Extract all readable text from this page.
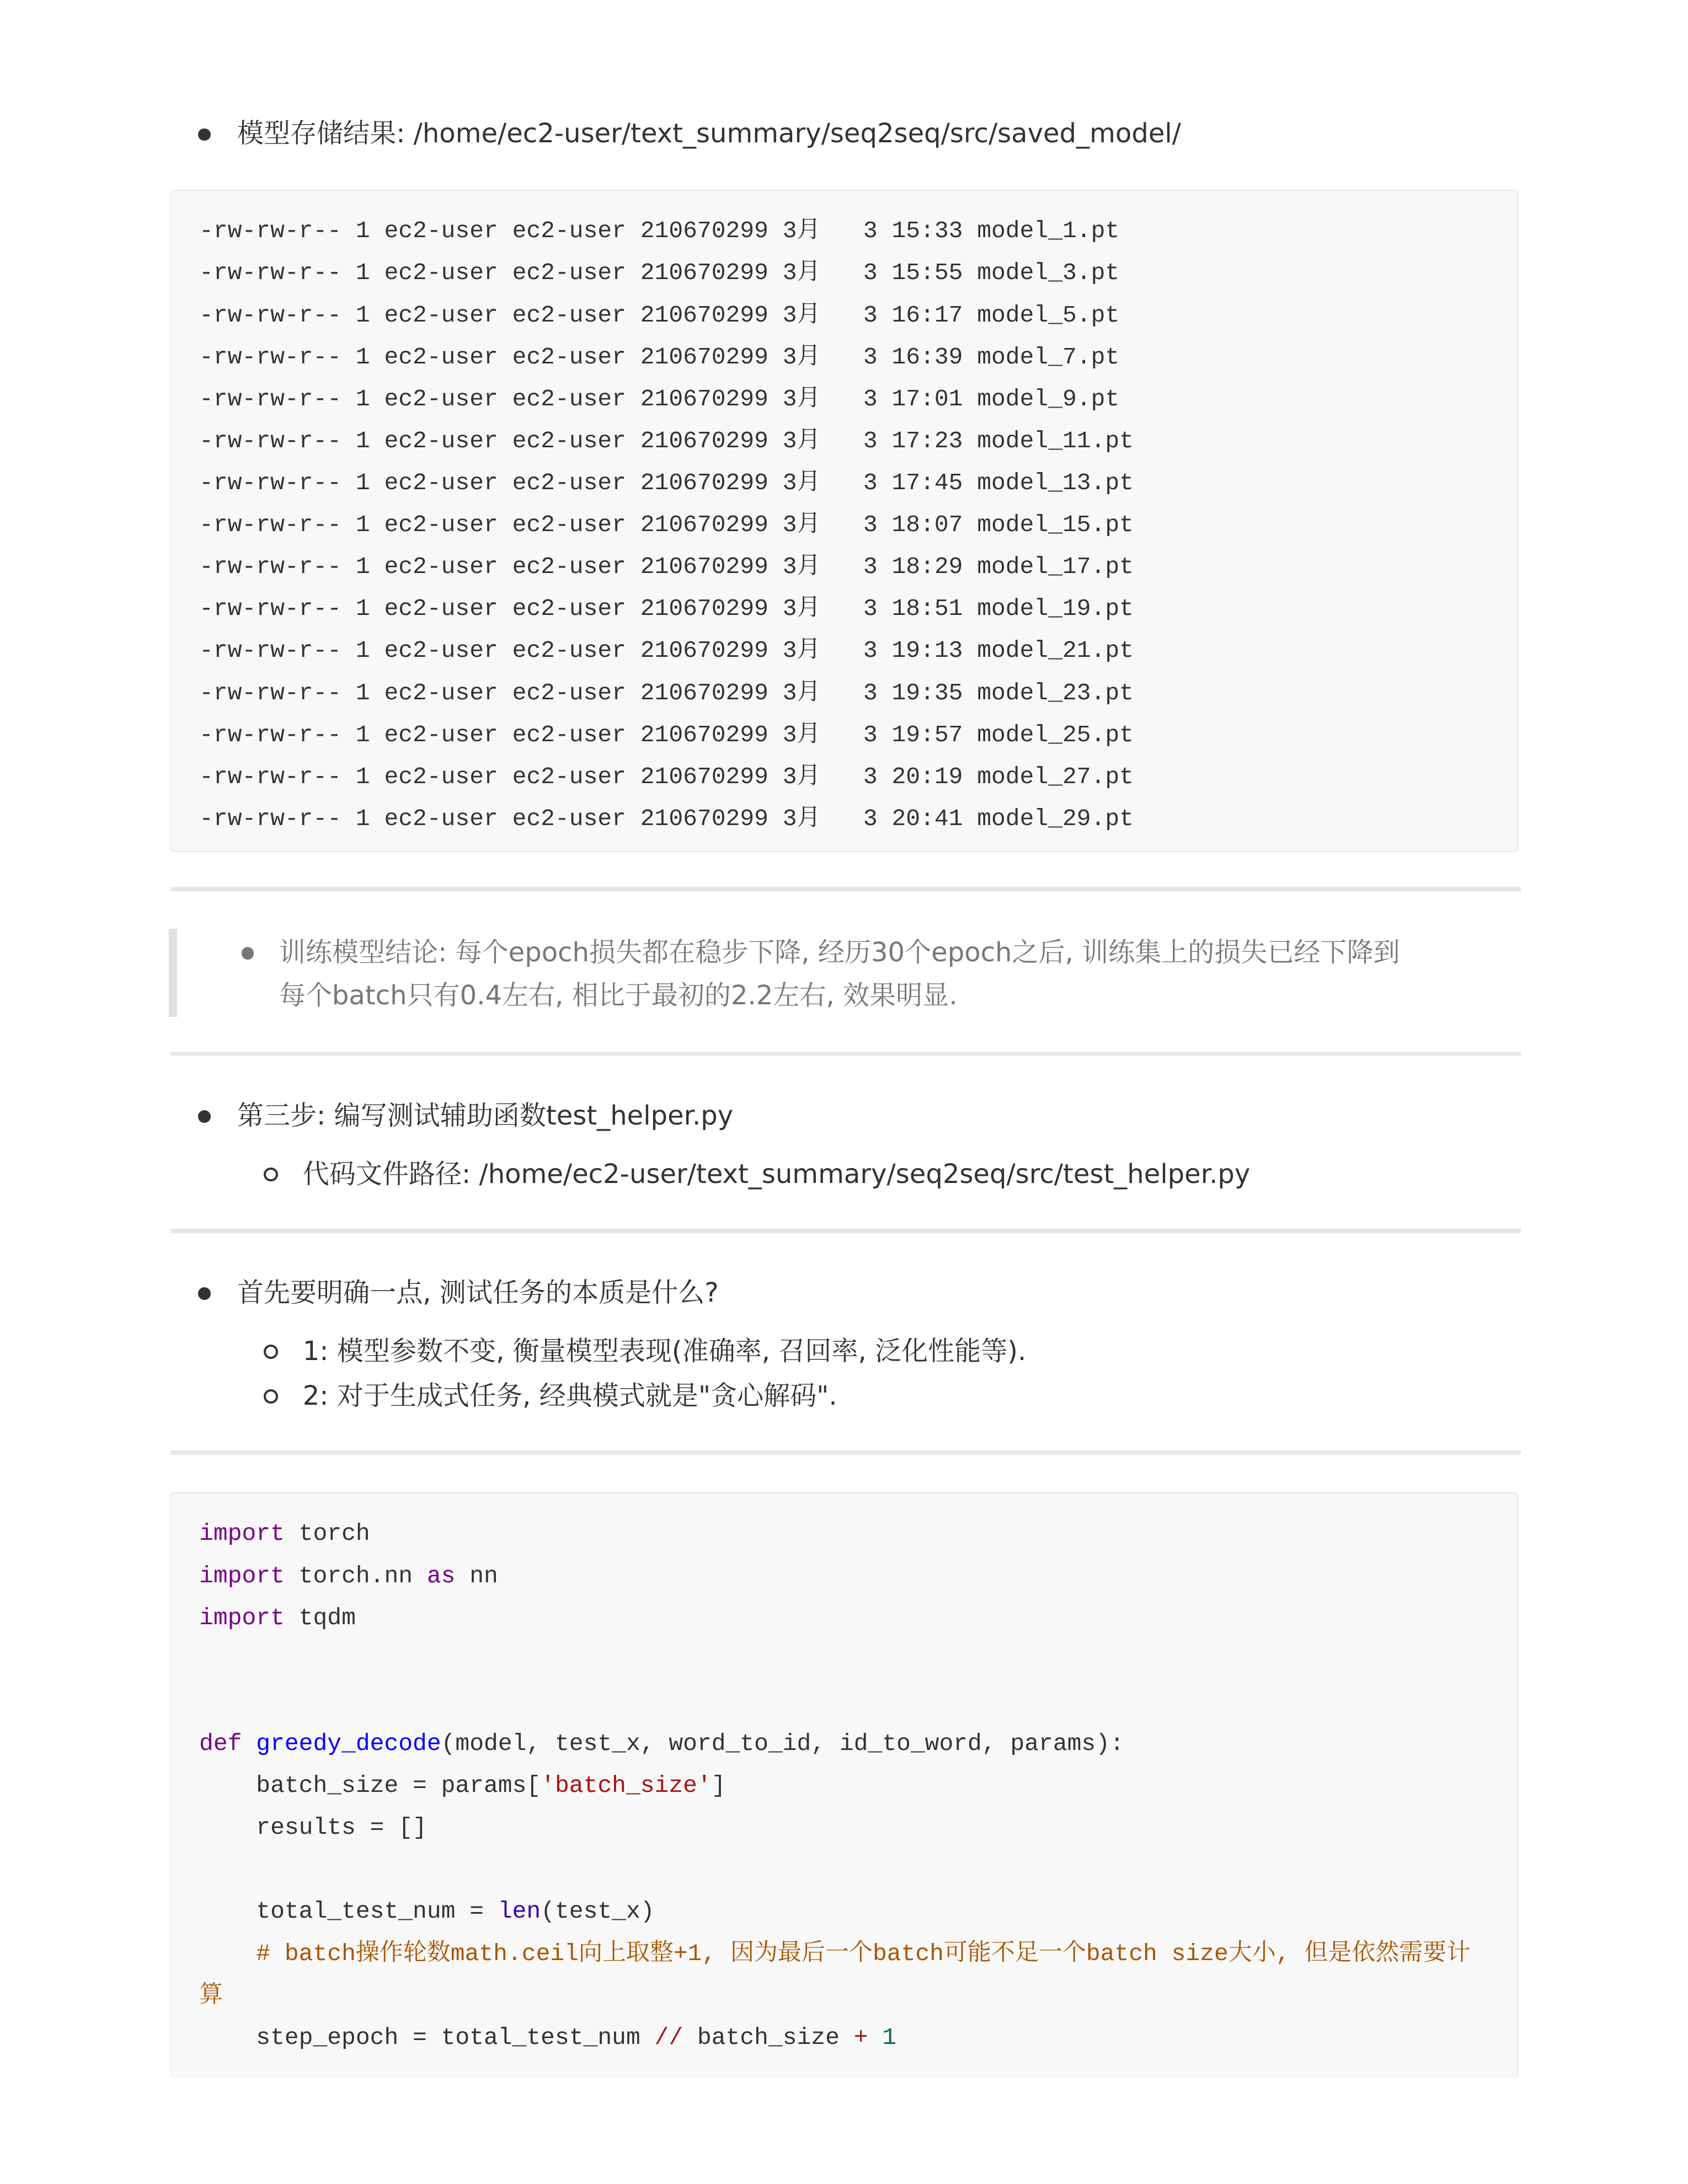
模型存储结果: /home/ec2-user/text_summary/seq2seq/src/saved_model/
-rw-rw-r-- 1 ec2-user ec2-user 210670299 3月   3 15:33 model_1.pt
-rw-rw-r-- 1 ec2-user ec2-user 210670299 3月   3 15:55 model_3.pt
-rw-rw-r-- 1 ec2-user ec2-user 210670299 3月   3 16:17 model_5.pt
-rw-rw-r-- 1 ec2-user ec2-user 210670299 3月   3 16:39 model_7.pt
-rw-rw-r-- 1 ec2-user ec2-user 210670299 3月   3 17:01 model_9.pt
-rw-rw-r-- 1 ec2-user ec2-user 210670299 3月   3 17:23 model_11.pt
-rw-rw-r-- 1 ec2-user ec2-user 210670299 3月   3 17:45 model_13.pt
-rw-rw-r-- 1 ec2-user ec2-user 210670299 3月   3 18:07 model_15.pt
-rw-rw-r-- 1 ec2-user ec2-user 210670299 3月   3 18:29 model_17.pt
-rw-rw-r-- 1 ec2-user ec2-user 210670299 3月   3 18:51 model_19.pt
-rw-rw-r-- 1 ec2-user ec2-user 210670299 3月   3 19:13 model_21.pt
-rw-rw-r-- 1 ec2-user ec2-user 210670299 3月   3 19:35 model_23.pt
-rw-rw-r-- 1 ec2-user ec2-user 210670299 3月   3 19:57 model_25.pt
-rw-rw-r-- 1 ec2-user ec2-user 210670299 3月   3 20:19 model_27.pt
-rw-rw-r-- 1 ec2-user ec2-user 210670299 3月   3 20:41 model_29.pt
训练模型结论: 每个epoch损失都在稳步下降, 经历30个epoch之后, 训练集上的损失已经下降到
每个batch只有0.4左右, 相比于最初的2.2左右, 效果明显.
第三步: 编写测试辅助函数test_helper.py
代码文件路径: /home/ec2-user/text_summary/seq2seq/src/test_helper.py
首先要明确一点, 测试任务的本质是什么?
1: 模型参数不变, 衡量模型表现(准确率, 召回率, 泛化性能等).
2: 对于生成式任务, 经典模式就是"贪心解码".
import torch
import torch.nn as nn
import tqdm

def greedy_decode(model, test_x, word_to_id, id_to_word, params):
batch_size = params['batch_size']
results = []

total_test_num = len(test_x)
# batch操作轮数math.ceil向上取整+1, 因为最后一个batch可能不足一个batch size大小, 但是依然需要计算
step_epoch = total_test_num // batch_size + 1
